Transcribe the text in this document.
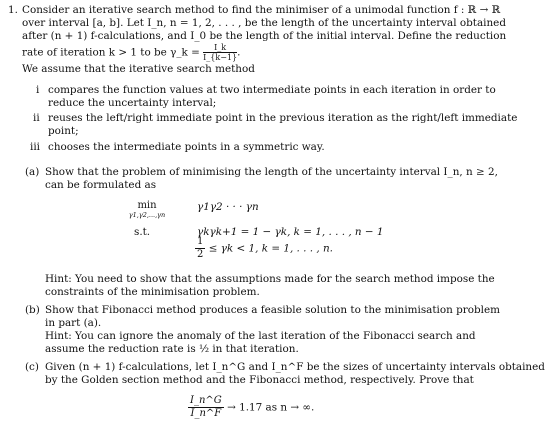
1. Consider an iterative search method to find the minimiser of a unimodal function f : ℝ → ℝ
over interval [a, b]. Let I_n, n = 1, 2, . . . , be the length of the uncertainty interval obtained
after (n + 1) f-calculations, and I_0 be the length of the initial interval. Define the reduction
rate of iteration k > 1 to be γ_k = $\frac{I\_k}{I\_\{k-1\}}$ .
We assume that the iterative search method
i compares the function values at two intermediate points in each iteration in order to
reduce the uncertainty interval;
ii reuses the left/right immediate point in the previous iteration as the right/left immediate
point;
iii chooses the intermediate points in a symmetric way.
(a) Show that the problem of minimising the length of the uncertainty interval I_n, n ≥ 2,
can be formulated as
min
γ1,γ2,...,γn
γ1γ2 · · · γn
s.t.	γkγk+1 = 1 − γk, k = 1, . . . , n − 1
$\frac{1}{2} \le \gamma k < 1$, k = 1, . . . , n.
Hint: You need to show that the assumptions made for the search method impose the
constraints of the minimisation problem.
(b) Show that Fibonacci method produces a feasible solution to the minimisation problem
in part (a).
Hint: You can ignore the anomaly of the last iteration of the Fibonacci search and
assume the reduction rate is ½ in that iteration.
(c) Given (n + 1) f-calculations, let I_n^G and I_n^F be the sizes of uncertainty intervals obtained
by the Golden section method and the Fibonacci method, respectively. Prove that
$\frac{I\_n\^{}G}{I\_n\^{}F} \to 1.17$ as n → ∞.
